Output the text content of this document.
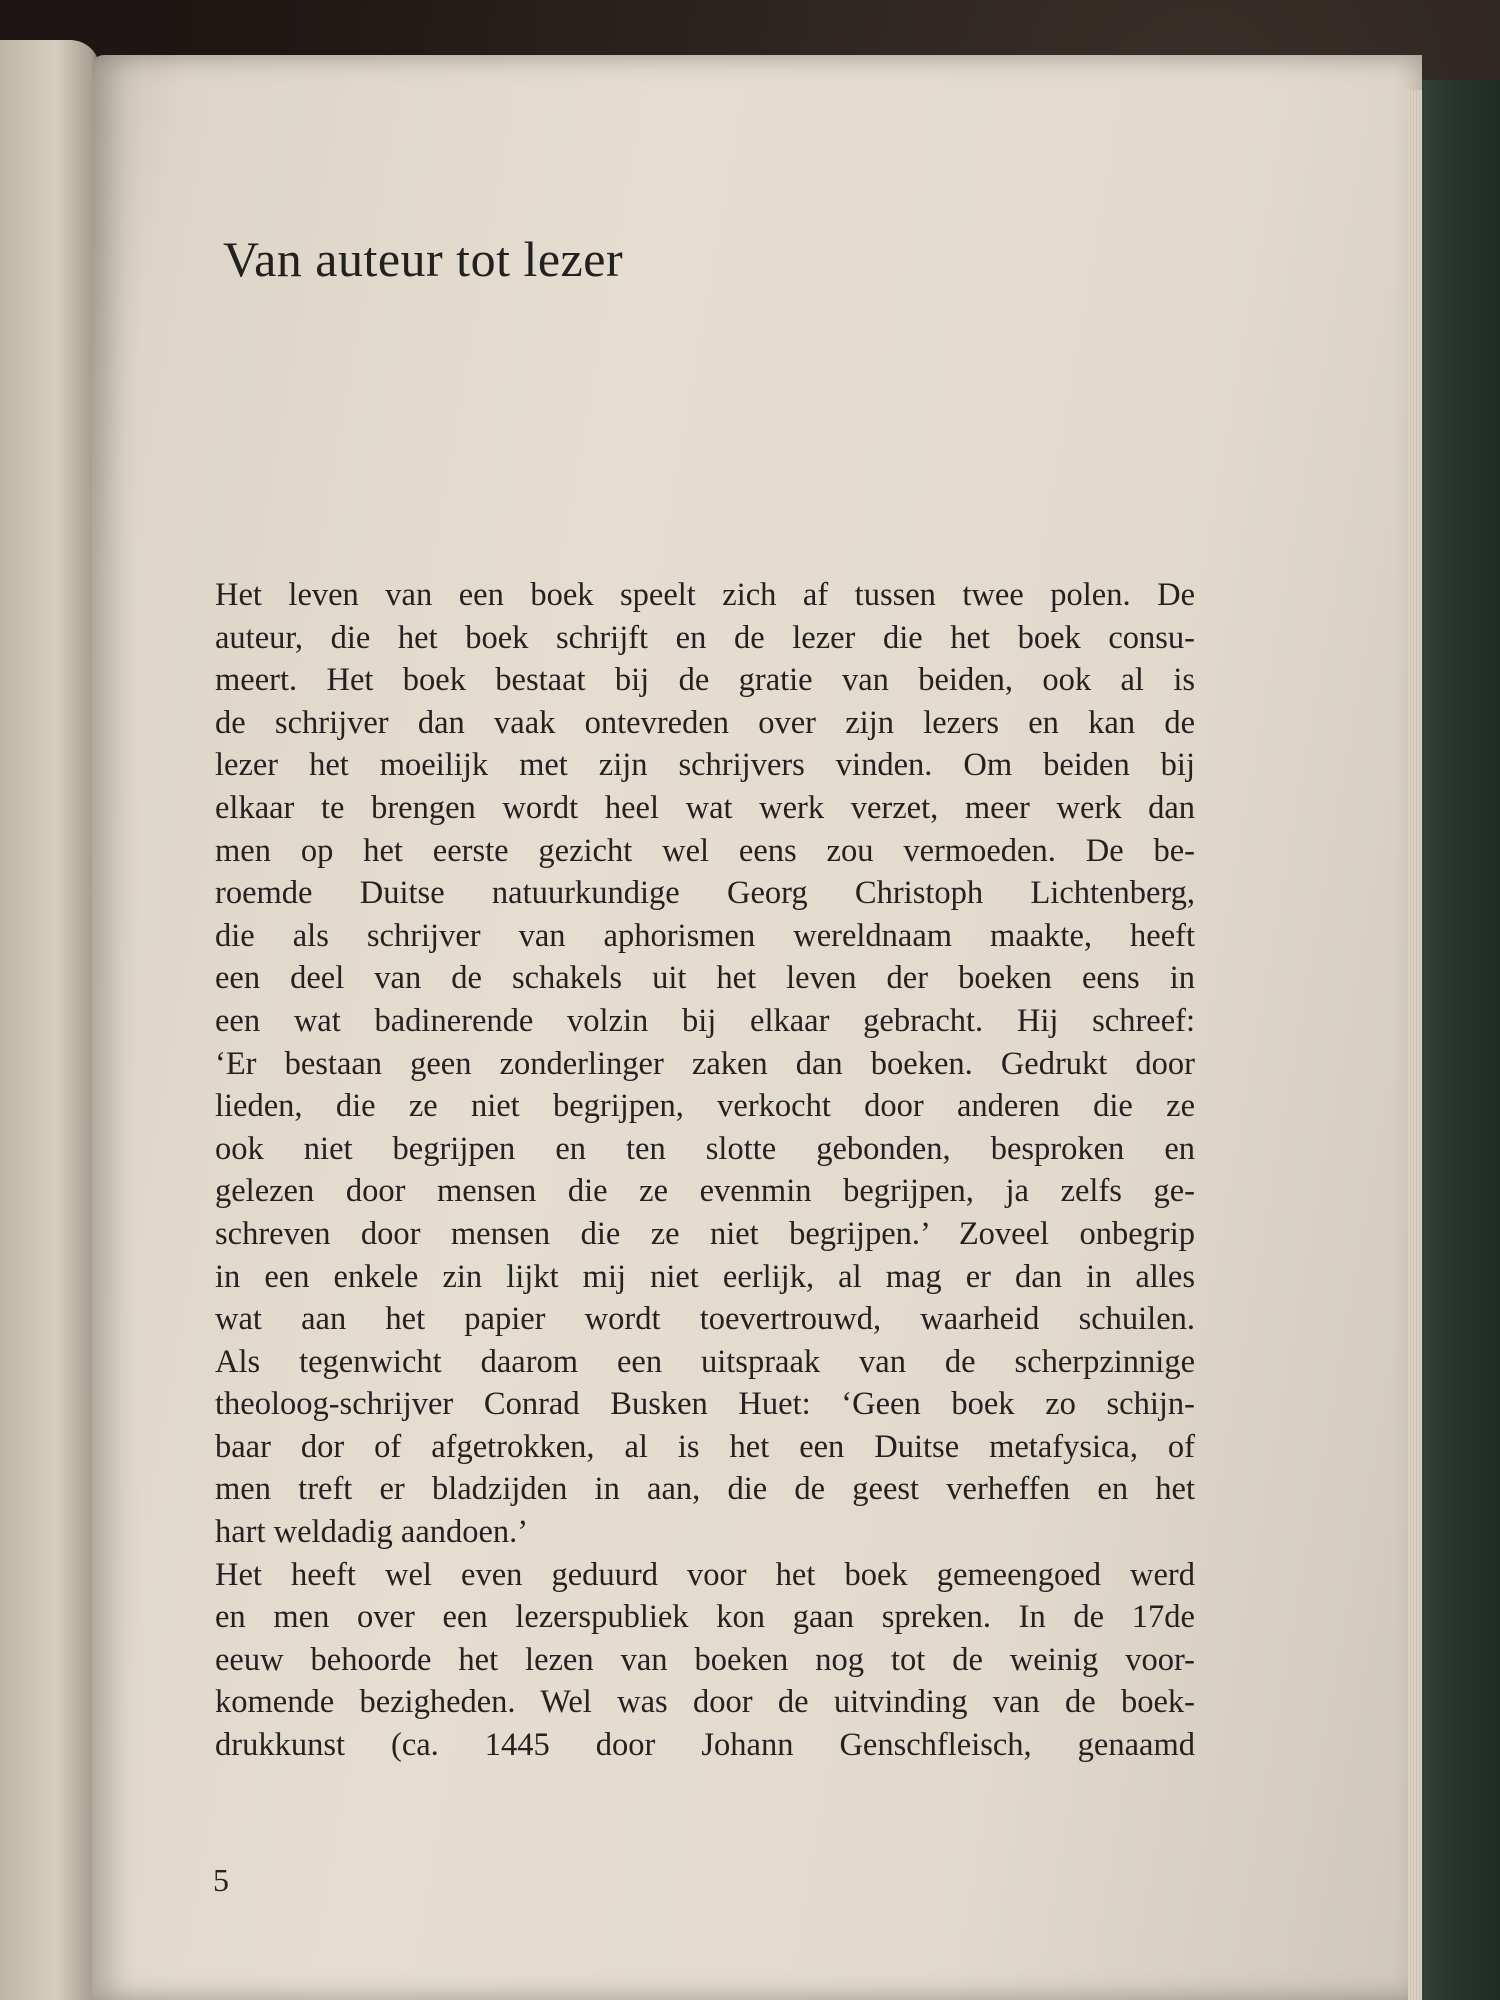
Van auteur tot lezer
Het leven van een boek speelt zich af tussen twee polen. De
auteur, die het boek schrijft en de lezer die het boek consu-
meert. Het boek bestaat bij de gratie van beiden, ook al is
de schrijver dan vaak ontevreden over zijn lezers en kan de
lezer het moeilijk met zijn schrijvers vinden. Om beiden bij
elkaar te brengen wordt heel wat werk verzet, meer werk dan
men op het eerste gezicht wel eens zou vermoeden. De be-
roemde Duitse natuurkundige Georg Christoph Lichtenberg,
die als schrijver van aphorismen wereldnaam maakte, heeft
een deel van de schakels uit het leven der boeken eens in
een wat badinerende volzin bij elkaar gebracht. Hij schreef:
‘Er bestaan geen zonderlinger zaken dan boeken. Gedrukt door
lieden, die ze niet begrijpen, verkocht door anderen die ze
ook niet begrijpen en ten slotte gebonden, besproken en
gelezen door mensen die ze evenmin begrijpen, ja zelfs ge-
schreven door mensen die ze niet begrijpen.’ Zoveel onbegrip
in een enkele zin lijkt mij niet eerlijk, al mag er dan in alles
wat aan het papier wordt toevertrouwd, waarheid schuilen.
Als tegenwicht daarom een uitspraak van de scherpzinnige
theoloog-schrijver Conrad Busken Huet: ‘Geen boek zo schijn-
baar dor of afgetrokken, al is het een Duitse metafysica, of
men treft er bladzijden in aan, die de geest verheffen en het
hart weldadig aandoen.’
Het heeft wel even geduurd voor het boek gemeengoed werd
en men over een lezerspubliek kon gaan spreken. In de 17de
eeuw behoorde het lezen van boeken nog tot de weinig voor-
komende bezigheden. Wel was door de uitvinding van de boek-
drukkunst (ca. 1445 door Johann Genschfleisch, genaamd
5
